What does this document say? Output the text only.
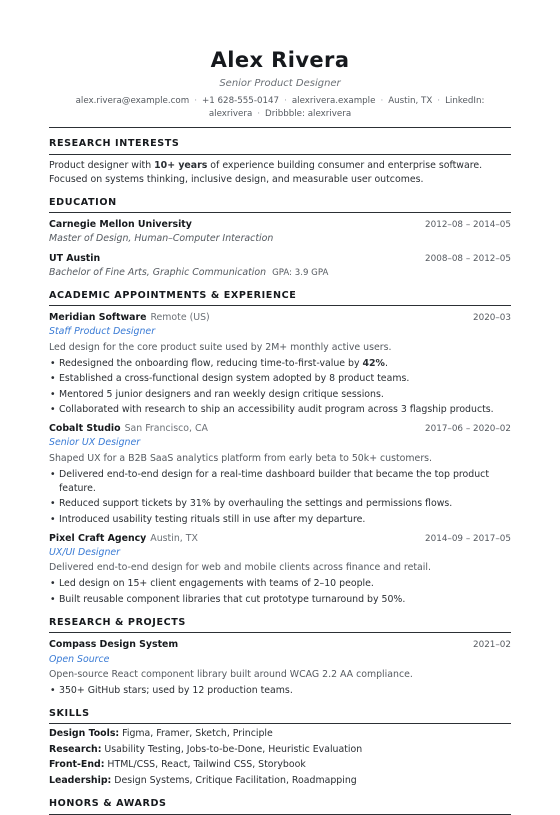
Alex Rivera
Senior Product Designer
alex.rivera@example.com · +1 628-555-0147 · alexrivera.example · Austin, TX · LinkedIn: alexrivera · Dribbble: alexrivera
RESEARCH INTERESTS
Product designer with 10+ years of experience building consumer and enterprise software. Focused on systems thinking, inclusive design, and measurable user outcomes.
EDUCATION
Carnegie Mellon University	2012–08 – 2014–05
Master of Design, Human–Computer Interaction
UT Austin	2008–08 – 2012–05
Bachelor of Fine Arts, Graphic Communication GPA: 3.9 GPA
ACADEMIC APPOINTMENTS & EXPERIENCE
Meridian Software Remote (US)	2020–03
Staff Product Designer
Led design for the core product suite used by 2M+ monthly active users.
• Redesigned the onboarding flow, reducing time-to-first-value by 42%.
• Established a cross-functional design system adopted by 8 product teams.
• Mentored 5 junior designers and ran weekly design critique sessions.
• Collaborated with research to ship an accessibility audit program across 3 flagship products.
Cobalt Studio San Francisco, CA	2017–06 – 2020–02
Senior UX Designer
Shaped UX for a B2B SaaS analytics platform from early beta to 50k+ customers.
• Delivered end-to-end design for a real-time dashboard builder that became the top product feature.
• Reduced support tickets by 31% by overhauling the settings and permissions flows.
• Introduced usability testing rituals still in use after my departure.
Pixel Craft Agency Austin, TX	2014–09 – 2017–05
UX/UI Designer
Delivered end-to-end design for web and mobile clients across finance and retail.
• Led design on 15+ client engagements with teams of 2–10 people.
• Built reusable component libraries that cut prototype turnaround by 50%.
RESEARCH & PROJECTS
Compass Design System	2021–02
Open Source
Open-source React component library built around WCAG 2.2 AA compliance.
• 350+ GitHub stars; used by 12 production teams.
SKILLS
Design Tools: Figma, Framer, Sketch, Principle
Research: Usability Testing, Jobs-to-be-Done, Heuristic Evaluation
Front-End: HTML/CSS, React, Tailwind CSS, Storybook
Leadership: Design Systems, Critique Facilitation, Roadmapping
HONORS & AWARDS
